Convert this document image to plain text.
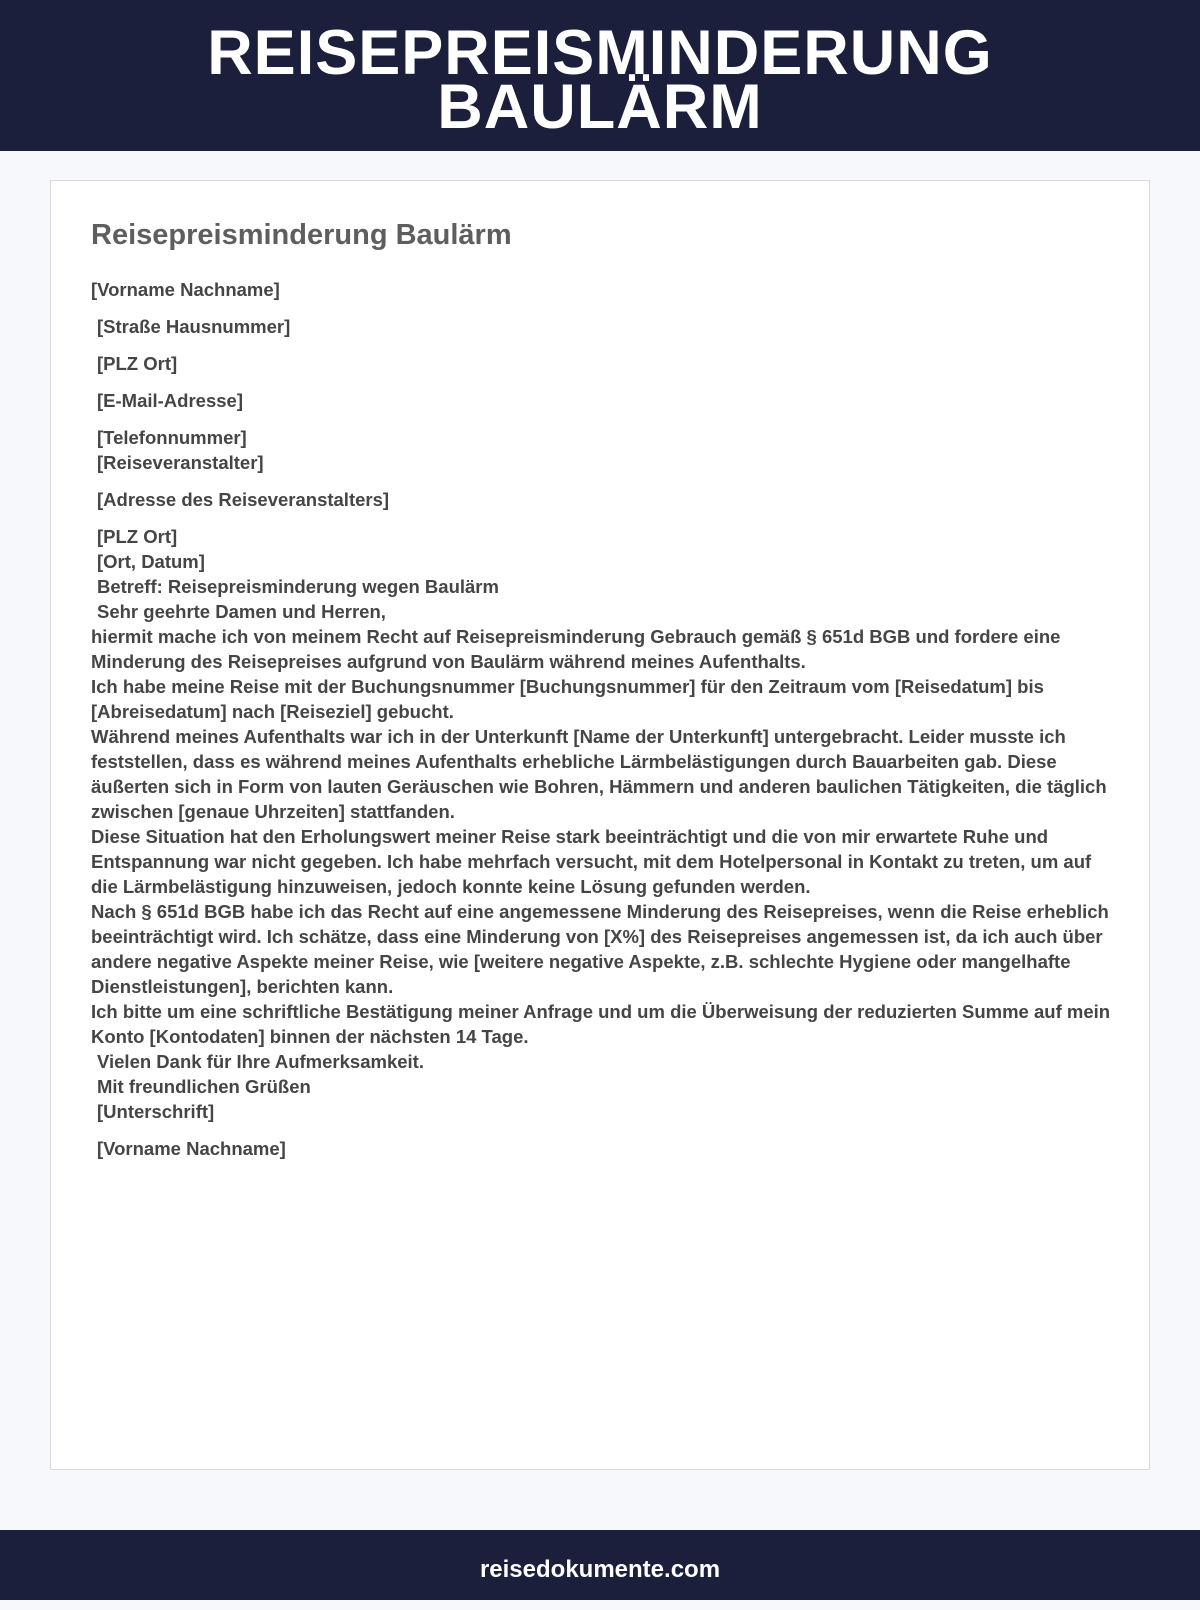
REISEPREISMINDERUNG
BAULÄRM
Reisepreisminderung Baulärm

[Vorname Nachname]

[Straße Hausnummer]

[PLZ Ort]

[E-Mail-Adresse]

[Telefonnummer]

[Reiseveranstalter]

[Adresse des Reiseveranstalters]

[PLZ Ort]

[Ort, Datum]

Betreff: Reisepreisminderung wegen Baulärm

Sehr geehrte Damen und Herren,

hiermit mache ich von meinem Recht auf Reisepreisminderung Gebrauch gemäß § 651d BGB und fordere eine Minderung des Reisepreises aufgrund von Baulärm während meines Aufenthalts.

Ich habe meine Reise mit der Buchungsnummer [Buchungsnummer] für den Zeitraum vom [Reisedatum] bis [Abreisedatum] nach [Reiseziel] gebucht.

Während meines Aufenthalts war ich in der Unterkunft [Name der Unterkunft] untergebracht. Leider musste ich feststellen, dass es während meines Aufenthalts erhebliche Lärmbelästigungen durch Bauarbeiten gab. Diese äußerten sich in Form von lauten Geräuschen wie Bohren, Hämmern und anderen baulichen Tätigkeiten, die täglich zwischen [genaue Uhrzeiten] stattfanden.

Diese Situation hat den Erholungswert meiner Reise stark beeinträchtigt und die von mir erwartete Ruhe und Entspannung war nicht gegeben. Ich habe mehrfach versucht, mit dem Hotelpersonal in Kontakt zu treten, um auf die Lärmbelästigung hinzuweisen, jedoch konnte keine Lösung gefunden werden.

Nach § 651d BGB habe ich das Recht auf eine angemessene Minderung des Reisepreises, wenn die Reise erheblich beeinträchtigt wird. Ich schätze, dass eine Minderung von [X%] des Reisepreises angemessen ist, da ich auch über andere negative Aspekte meiner Reise, wie [weitere negative Aspekte, z.B. schlechte Hygiene oder mangelhafte Dienstleistungen], berichten kann.

Ich bitte um eine schriftliche Bestätigung meiner Anfrage und um die Überweisung der reduzierten Summe auf mein Konto [Kontodaten] binnen der nächsten 14 Tage.

Vielen Dank für Ihre Aufmerksamkeit.

Mit freundlichen Grüßen

[Unterschrift]

[Vorname Nachname]

reisedokumente.com
